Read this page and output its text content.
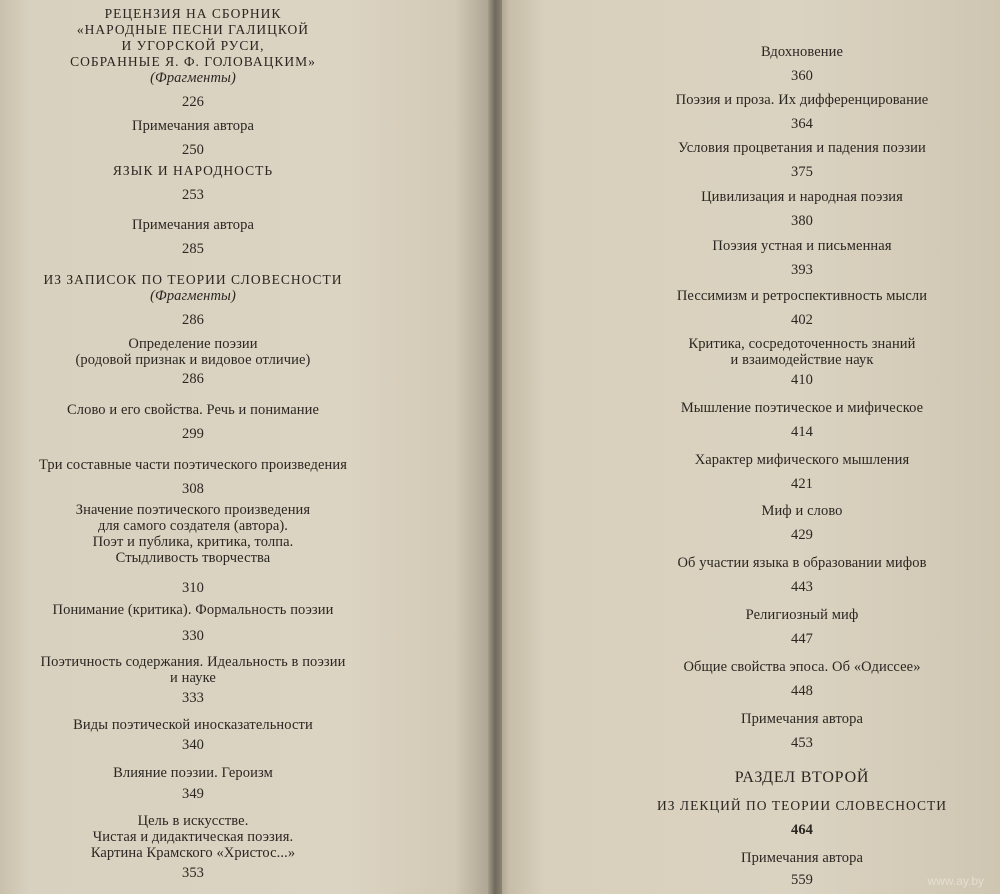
РЕЦЕНЗИЯ НА СБОРНИК
«НАРОДНЫЕ ПЕСНИ ГАЛИЦКОЙ
И УГОРСКОЙ РУСИ,
СОБРАННЫЕ Я. Ф. ГОЛОВАЦКИМ»
(Фрагменты)
226
Примечания автора
250
ЯЗЫК И НАРОДНОСТЬ
253
Примечания автора
285
ИЗ ЗАПИСОК ПО ТЕОРИИ СЛОВЕСНОСТИ
(Фрагменты)
286
Определение поэзии
(родовой признак и видовое отличие)
286
Слово и его свойства. Речь и понимание
299
Три составные части поэтического произведения
308
Значение поэтического произведения
для самого создателя (автора).
Поэт и публика, критика, толпа.
Стыдливость творчества
310
Понимание (критика). Формальность поэзии
330
Поэтичность содержания. Идеальность в поэзии
и науке
333
Виды поэтической иносказательности
340
Влияние поэзии. Героизм
349
Цель в искусстве.
Чистая и дидактическая поэзия.
Картина Крамского «Христос...»
353
Вдохновение
360
Поэзия и проза. Их дифференцирование
364
Условия процветания и падения поэзии
375
Цивилизация и народная поэзия
380
Поэзия устная и письменная
393
Пессимизм и ретроспективность мысли
402
Критика, сосредоточенность знаний
и взаимодействие наук
410
Мышление поэтическое и мифическое
414
Характер мифического мышления
421
Миф и слово
429
Об участии языка в образовании мифов
443
Религиозный миф
447
Общие свойства эпоса. Об «Одиссее»
448
Примечания автора
453
РАЗДЕЛ ВТОРОЙ
ИЗ ЛЕКЦИЙ ПО ТЕОРИИ СЛОВЕСНОСТИ
464
Примечания автора
559	www.ay.by
